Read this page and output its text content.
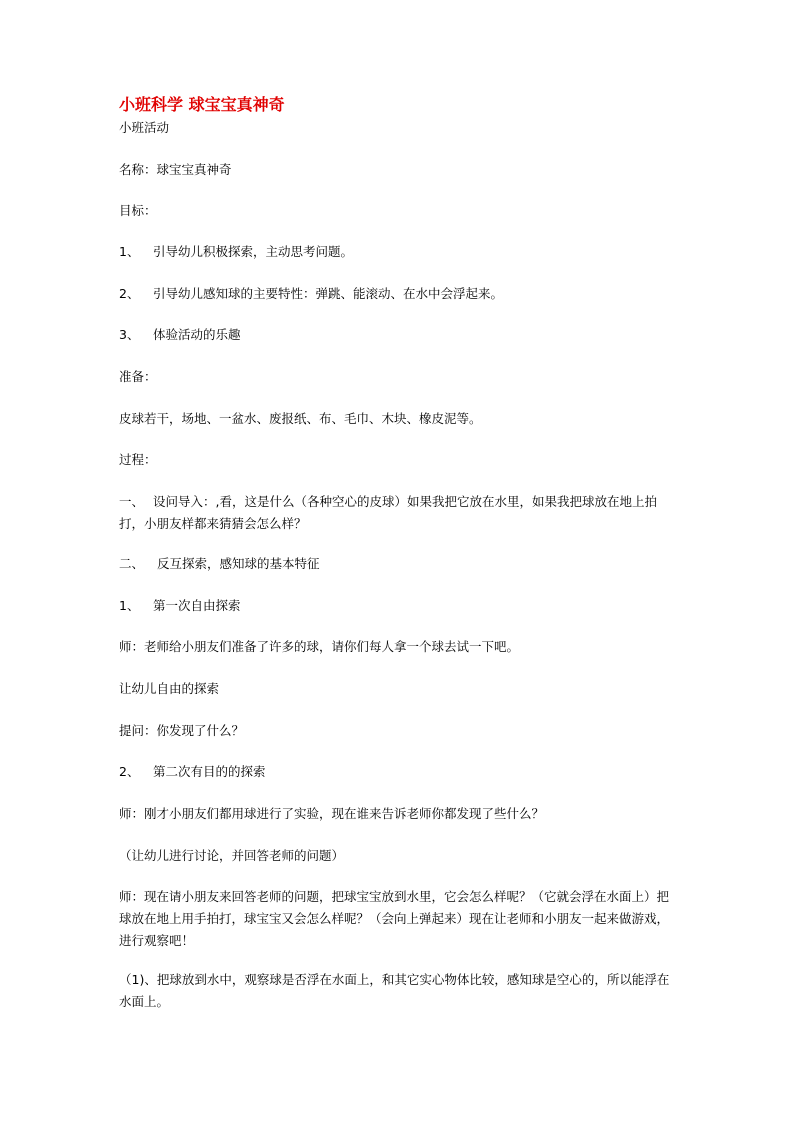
小班科学 球宝宝真神奇
小班活动
名称：球宝宝真神奇
目标：
1、 引导幼儿积极探索，主动思考问题。
2、 引导幼儿感知球的主要特性：弹跳、能滚动、在水中会浮起来。
3、 体验活动的乐趣
准备：
皮球若干，场地、一盆水、废报纸、布、毛巾、木块、橡皮泥等。
过程：
一、 设问导入：,看，这是什么（各种空心的皮球）如果我把它放在水里，如果我把球放在地上拍打，小朋友样都来猜猜会怎么样？
二、 反互探索，感知球的基本特征
1、 第一次自由探索
师：老师给小朋友们准备了许多的球，请你们每人拿一个球去试一下吧。
让幼儿自由的探索
提问：你发现了什么？
2、 第二次有目的的探索
师：刚才小朋友们都用球进行了实验，现在谁来告诉老师你都发现了些什么？
（让幼儿进行讨论，并回答老师的问题）
师：现在请小朋友来回答老师的问题，把球宝宝放到水里，它会怎么样呢？（它就会浮在水面上）把球放在地上用手拍打，球宝宝又会怎么样呢？（会向上弹起来）现在让老师和小朋友一起来做游戏，进行观察吧！
（1)、把球放到水中，观察球是否浮在水面上，和其它实心物体比较，感知球是空心的，所以能浮在水面上。
